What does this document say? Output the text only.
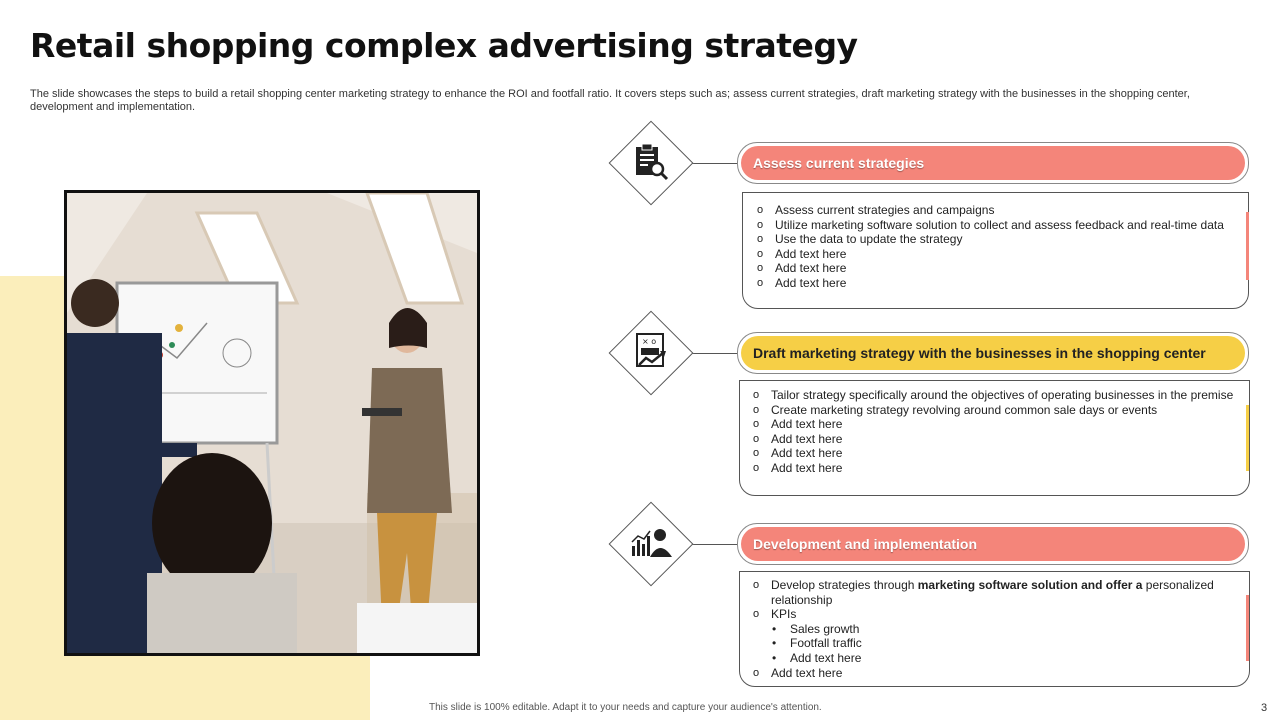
Retail shopping complex advertising strategy

The slide showcases the steps to build a retail shopping center marketing strategy to enhance the ROI and footfall ratio. It covers steps such as; assess current strategies, draft marketing strategy with the businesses in the shopping center, development and implementation.

Assess current strategies
o Assess current strategies and campaigns
o Utilize marketing software solution to collect and assess feedback and real-time data
o Use the data to update the strategy
o Add text here
o Add text here
o Add text here
× o
Draft marketing strategy with the businesses in the shopping center
o Tailor strategy specifically around the objectives of operating businesses in the premise
o Create marketing strategy revolving around common sale days or events
o Add text here
o Add text here
o Add text here
o Add text here
Development and implementation
o Develop strategies through marketing software solution and offer a personalized relationship
o KPIs
• Sales growth
• Footfall traffic
• Add text here
o Add text here
This slide is 100% editable. Adapt it to your needs and capture your audience's attention.	3
